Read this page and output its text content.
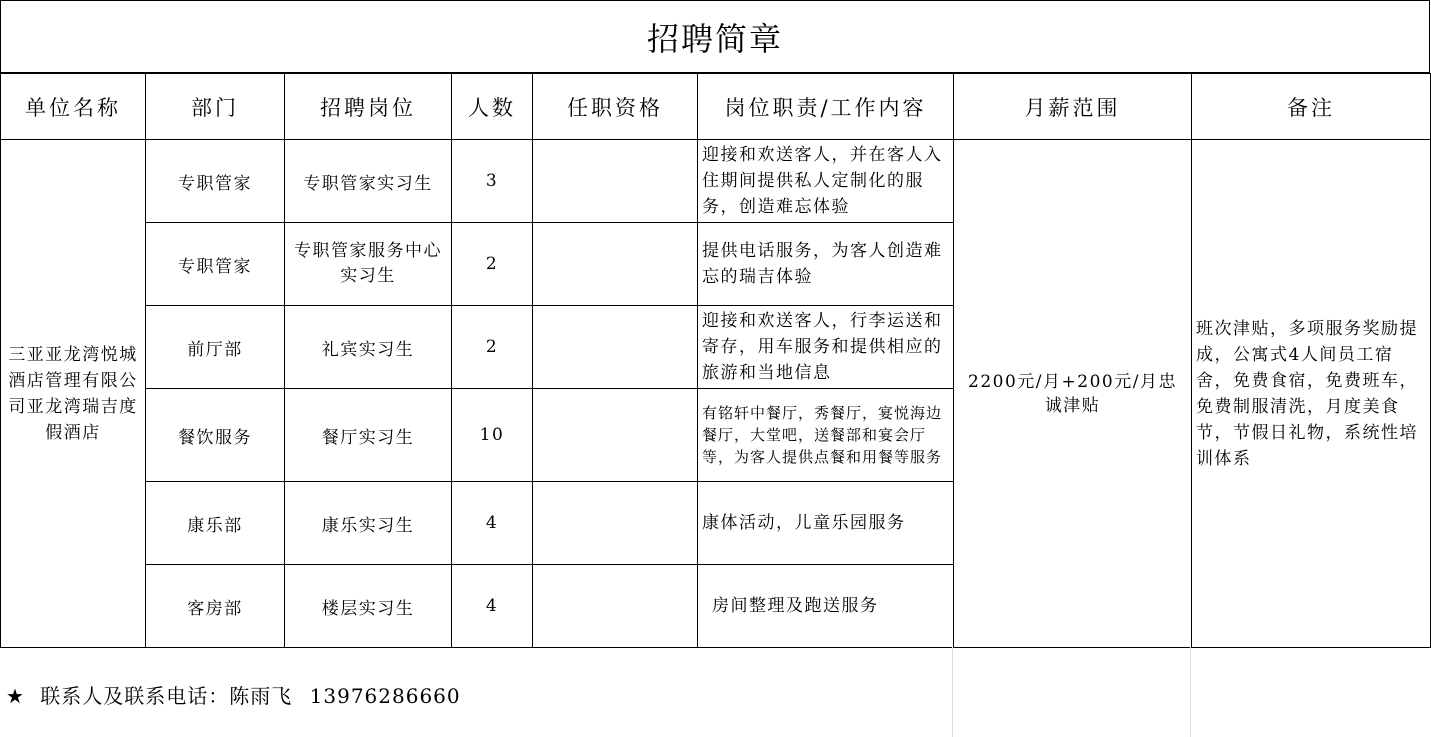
招聘简章
单位名称	部门	招聘岗位	人数	任职资格	岗位职责/工作内容	月薪范围	备注
三亚亚龙湾悦城酒店管理有限公司亚龙湾瑞吉度假酒店	专职管家	专职管家实习生	3		迎接和欢送客人，并在客人入住期间提供私人定制化的服务，创造难忘体验	2200元/月+200元/月忠诚津贴	班次津贴，多项服务奖励提成，公寓式4人间员工宿舍，免费食宿，免费班车，免费制服清洗，月度美食节，节假日礼物，系统性培训体系
	专职管家	专职管家服务中心实习生	2		提供电话服务，为客人创造难忘的瑞吉体验		
	前厅部	礼宾实习生	2		迎接和欢送客人，行李运送和寄存，用车服务和提供相应的旅游和当地信息		
	餐饮服务	餐厅实习生	10		有铭轩中餐厅，秀餐厅，宴悦海边餐厅，大堂吧，送餐部和宴会厅等，为客人提供点餐和用餐等服务		
	康乐部	康乐实习生	4		康体活动，儿童乐园服务		
	客房部	楼层实习生	4		房间整理及跑送服务		
★ 联系人及联系电话：陈雨飞 13976286660
